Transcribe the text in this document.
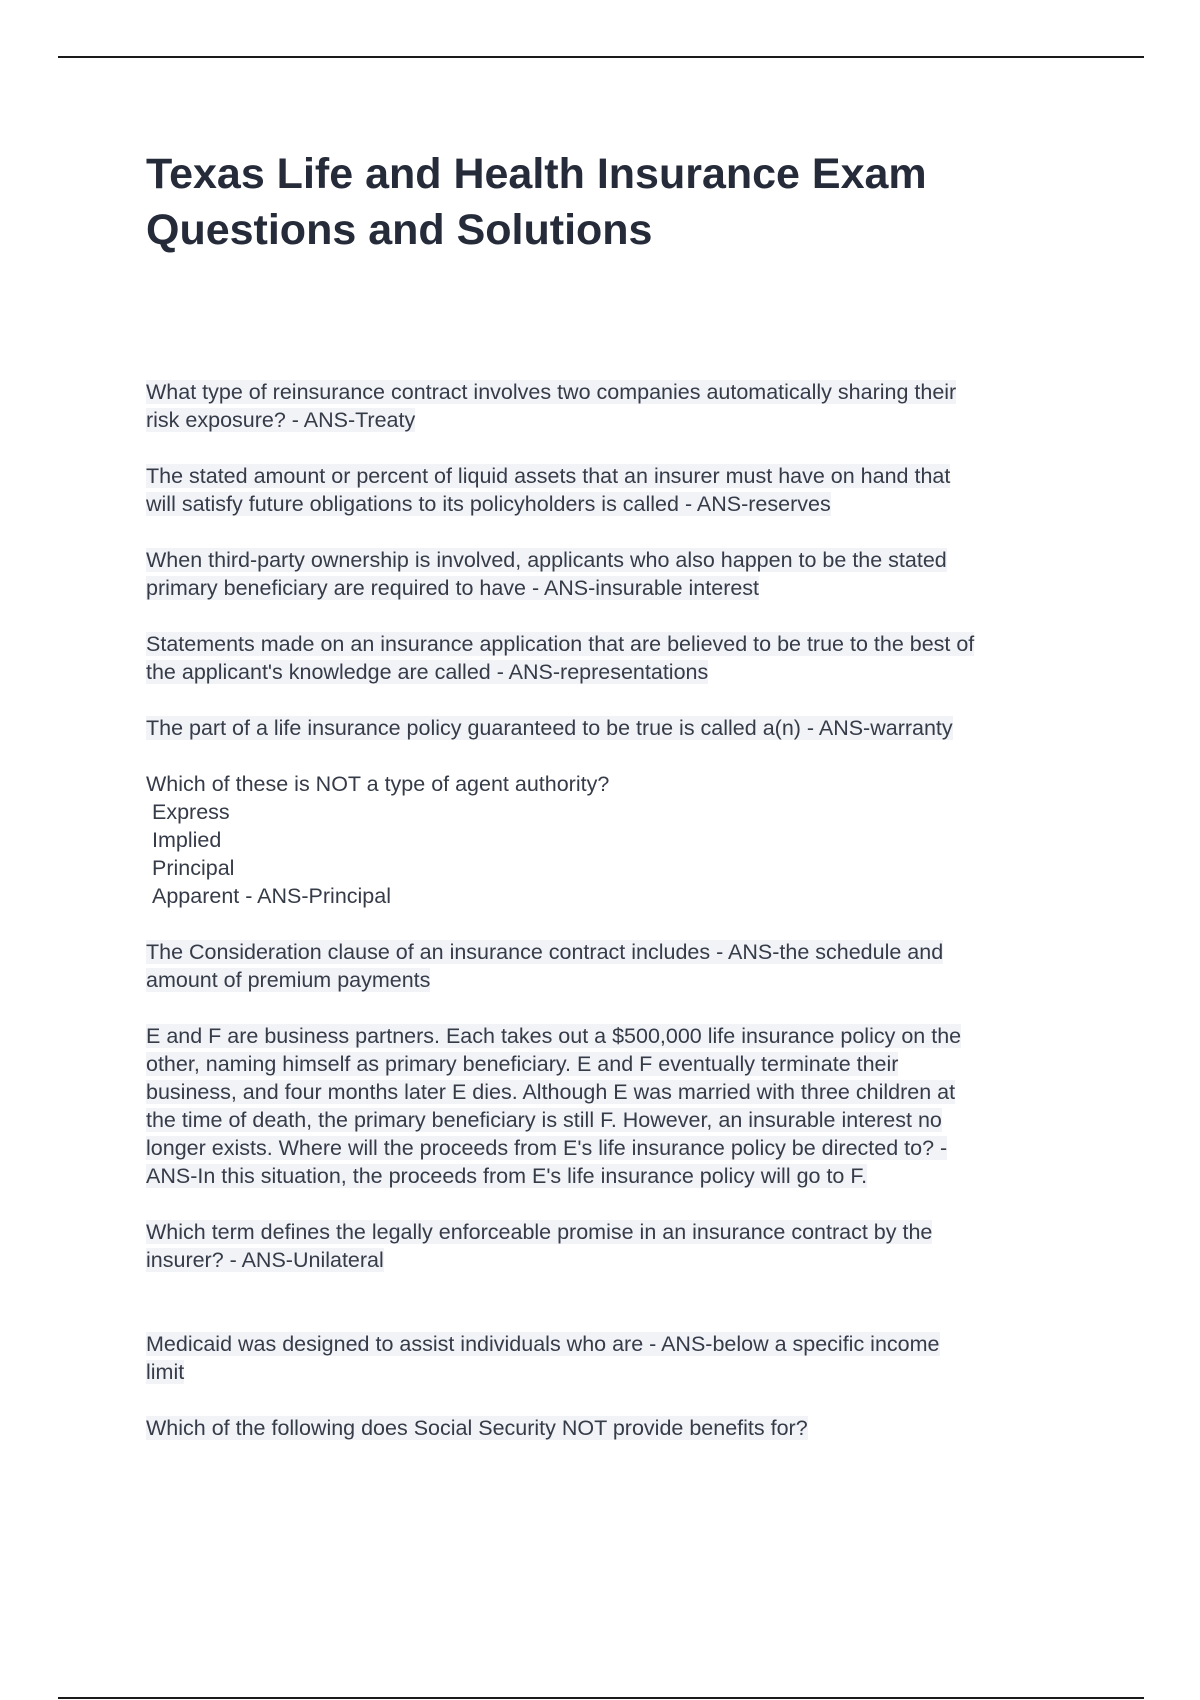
Texas Life and Health Insurance Exam
Questions and Solutions

What type of reinsurance contract involves two companies automatically sharing their
risk exposure? - ANS-Treaty

The stated amount or percent of liquid assets that an insurer must have on hand that
will satisfy future obligations to its policyholders is called - ANS-reserves

When third-party ownership is involved, applicants who also happen to be the stated
primary beneficiary are required to have - ANS-insurable interest

Statements made on an insurance application that are believed to be true to the best of
the applicant's knowledge are called - ANS-representations

The part of a life insurance policy guaranteed to be true is called a(n) - ANS-warranty

Which of these is NOT a type of agent authority?
Express
Implied
Principal
Apparent - ANS-Principal

The Consideration clause of an insurance contract includes - ANS-the schedule and
amount of premium payments

E and F are business partners. Each takes out a $500,000 life insurance policy on the
other, naming himself as primary beneficiary. E and F eventually terminate their
business, and four months later E dies. Although E was married with three children at
the time of death, the primary beneficiary is still F. However, an insurable interest no
longer exists. Where will the proceeds from E's life insurance policy be directed to? -
ANS-In this situation, the proceeds from E's life insurance policy will go to F.

Which term defines the legally enforceable promise in an insurance contract by the
insurer? - ANS-Unilateral

Medicaid was designed to assist individuals who are - ANS-below a specific income
limit

Which of the following does Social Security NOT provide benefits for?
